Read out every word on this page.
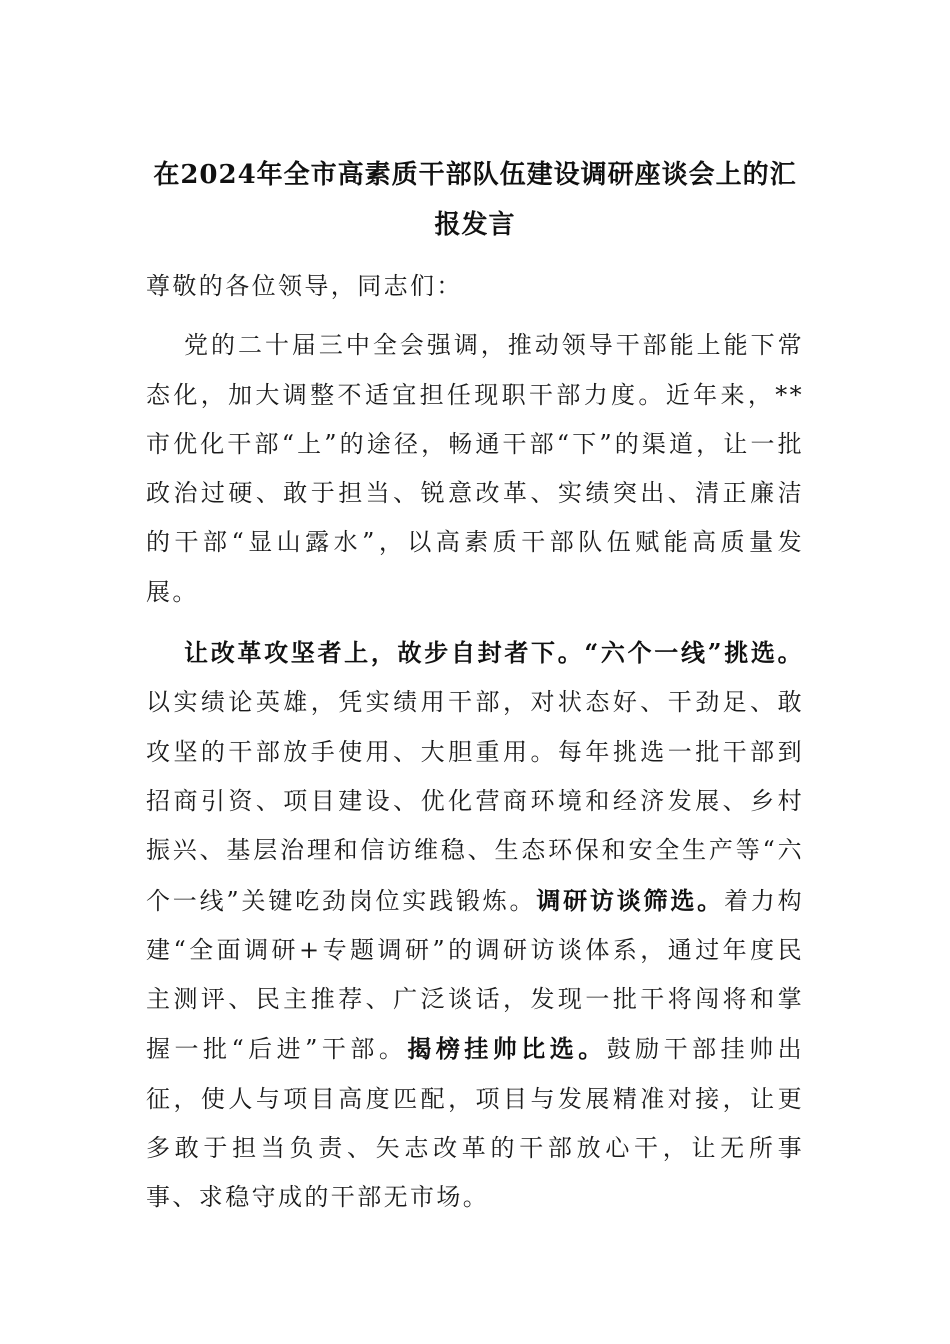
在2024年全市高素质干部队伍建设调研座谈会上的汇报发言

尊敬的各位领导，同志们：

党的二十届三中全会强调，推动领导干部能上能下常态化，加大调整不适宜担任现职干部力度。近年来，**市优化干部“上”的途径，畅通干部“下”的渠道，让一批政治过硬、敢于担当、锐意改革、实绩突出、清正廉洁的干部“显山露水”，以高素质干部队伍赋能高质量发展。

让改革攻坚者上，故步自封者下。“六个一线”挑选。以实绩论英雄，凭实绩用干部，对状态好、干劲足、敢攻坚的干部放手使用、大胆重用。每年挑选一批干部到招商引资、项目建设、优化营商环境和经济发展、乡村振兴、基层治理和信访维稳、生态环保和安全生产等“六个一线”关键吃劲岗位实践锻炼。调研访谈筛选。着力构建“全面调研+专题调研”的调研访谈体系，通过年度民主测评、民主推荐、广泛谈话，发现一批干将闯将和掌握一批“后进”干部。揭榜挂帅比选。鼓励干部挂帅出征，使人与项目高度匹配，项目与发展精准对接，让更多敢于担当负责、矢志改革的干部放心干，让无所事事、求稳守成的干部无市场。
